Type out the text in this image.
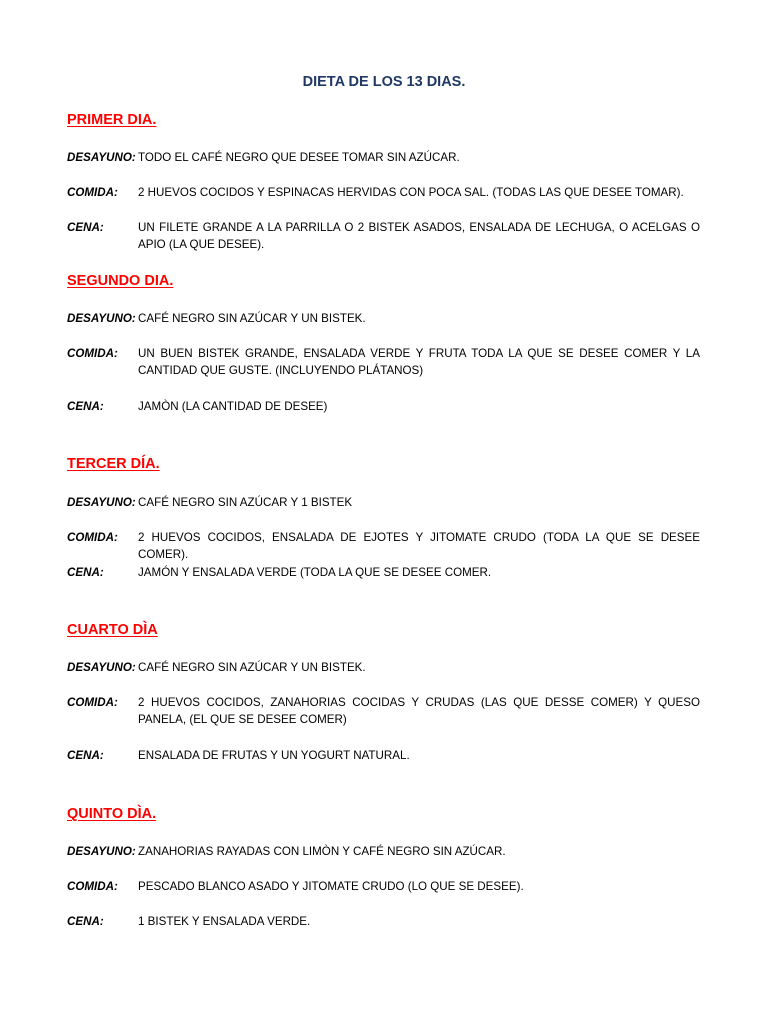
DIETA DE LOS 13 DIAS.
PRIMER DIA.
DESAYUNO: TODO EL CAFÉ NEGRO QUE DESEE TOMAR SIN AZÚCAR.
COMIDA: 2 HUEVOS COCIDOS Y ESPINACAS HERVIDAS CON POCA SAL. (TODAS LAS QUE DESEE TOMAR).
CENA:	UN FILETE GRANDE A LA PARRILLA O 2 BISTEK ASADOS, ENSALADA DE LECHUGA, O ACELGAS O APIO (LA QUE DESEE).
SEGUNDO DIA.
DESAYUNO: CAFÉ NEGRO SIN AZÚCAR Y UN BISTEK.
COMIDA: UN BUEN BISTEK GRANDE, ENSALADA VERDE Y FRUTA TODA LA QUE SE DESEE COMER Y LA CANTIDAD QUE GUSTE. (INCLUYENDO PLÁTANOS)
CENA:	JAMÒN (LA CANTIDAD DE DESEE)
TERCER DÍA.
DESAYUNO: CAFÉ NEGRO SIN AZÚCAR Y 1 BISTEK
COMIDA: 2 HUEVOS COCIDOS, ENSALADA DE EJOTES Y JITOMATE CRUDO (TODA LA QUE SE DESEE COMER).
CENA:	JAMÓN Y ENSALADA VERDE (TODA LA QUE SE DESEE COMER.
CUARTO DÌA
DESAYUNO: CAFÉ NEGRO SIN AZÚCAR Y UN BISTEK.
COMIDA: 2 HUEVOS COCIDOS, ZANAHORIAS COCIDAS Y CRUDAS (LAS QUE DESSE COMER) Y QUESO PANELA, (EL QUE SE DESEE COMER)
CENA:	ENSALADA DE FRUTAS Y UN YOGURT NATURAL.
QUINTO DÌA.
DESAYUNO: ZANAHORIAS RAYADAS CON LIMÒN Y CAFÉ NEGRO SIN AZÚCAR.
COMIDA: PESCADO BLANCO ASADO Y JITOMATE CRUDO (LO QUE SE DESEE).
CENA:	1 BISTEK Y ENSALADA VERDE.
